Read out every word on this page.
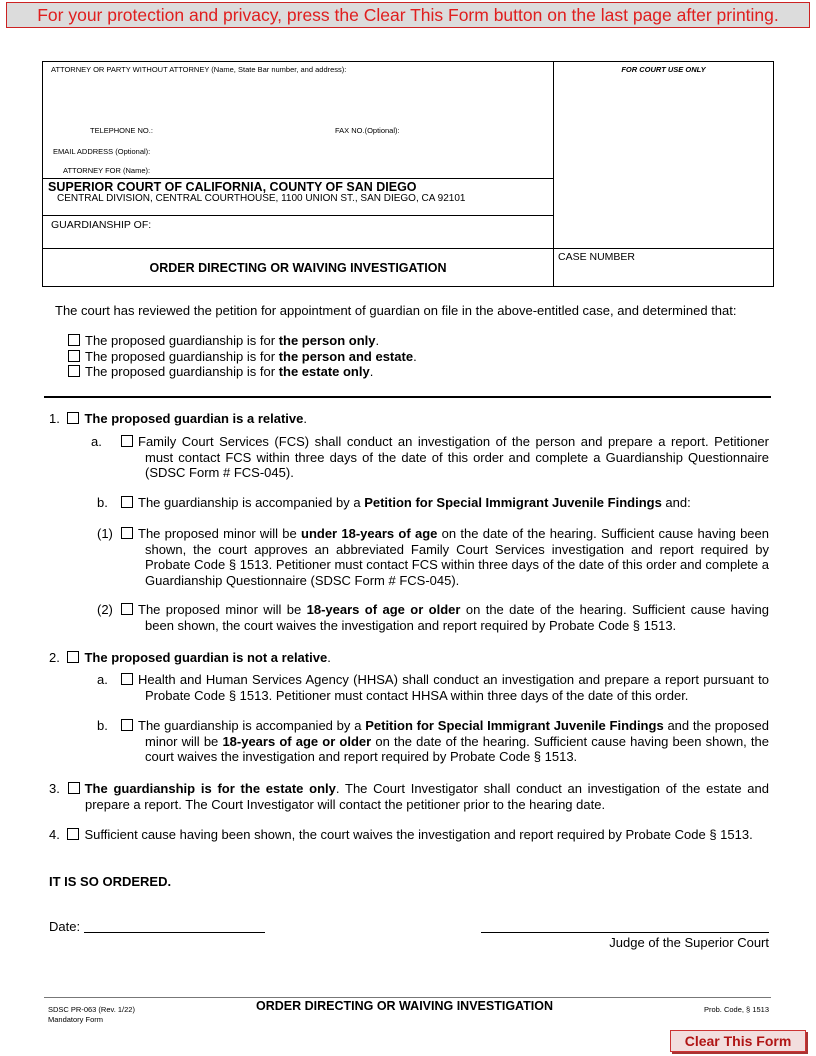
For your protection and privacy, press the Clear This Form button on the last page after printing.
ATTORNEY OR PARTY WITHOUT ATTORNEY (Name, State Bar number, and address):
TELEPHONE NO.:	FAX NO.(Optional):
EMAIL ADDRESS (Optional):
ATTORNEY FOR (Name):
FOR COURT USE ONLY
SUPERIOR COURT OF CALIFORNIA, COUNTY OF SAN DIEGO
CENTRAL DIVISION, CENTRAL COURTHOUSE, 1100 UNION ST., SAN DIEGO, CA 92101
GUARDIANSHIP OF:
ORDER DIRECTING OR WAIVING INVESTIGATION
CASE NUMBER
The court has reviewed the petition for appointment of guardian on file in the above-entitled case, and determined that:
The proposed guardianship is for the person only.
The proposed guardianship is for the person and estate.
The proposed guardianship is for the estate only.
1. The proposed guardian is a relative.
a.	Family Court Services (FCS) shall conduct an investigation of the person and prepare a report. Petitioner must contact FCS within three days of the date of this order and complete a Guardianship Questionnaire (SDSC Form # FCS-045).
b.	The guardianship is accompanied by a Petition for Special Immigrant Juvenile Findings and:
(1)	The proposed minor will be under 18-years of age on the date of the hearing. Sufficient cause having been shown, the court approves an abbreviated Family Court Services investigation and report required by Probate Code § 1513. Petitioner must contact FCS within three days of the date of this order and complete a Guardianship Questionnaire (SDSC Form # FCS-045).
(2)	The proposed minor will be 18-years of age or older on the date of the hearing. Sufficient cause having been shown, the court waives the investigation and report required by Probate Code § 1513.
2. The proposed guardian is not a relative.
a.	Health and Human Services Agency (HHSA) shall conduct an investigation and prepare a report pursuant to Probate Code § 1513. Petitioner must contact HHSA within three days of the date of this order.
b.	The guardianship is accompanied by a Petition for Special Immigrant Juvenile Findings and the proposed minor will be 18-years of age or older on the date of the hearing. Sufficient cause having been shown, the court waives the investigation and report required by Probate Code § 1513.
3. The guardianship is for the estate only. The Court Investigator shall conduct an investigation of the estate and prepare a report. The Court Investigator will contact the petitioner prior to the hearing date.
4. Sufficient cause having been shown, the court waives the investigation and report required by Probate Code § 1513.
IT IS SO ORDERED.
Date:
Judge of the Superior Court
SDSC PR-063 (Rev. 1/22)
Mandatory Form
ORDER DIRECTING OR WAIVING INVESTIGATION	Prob. Code, § 1513
Clear This Form
